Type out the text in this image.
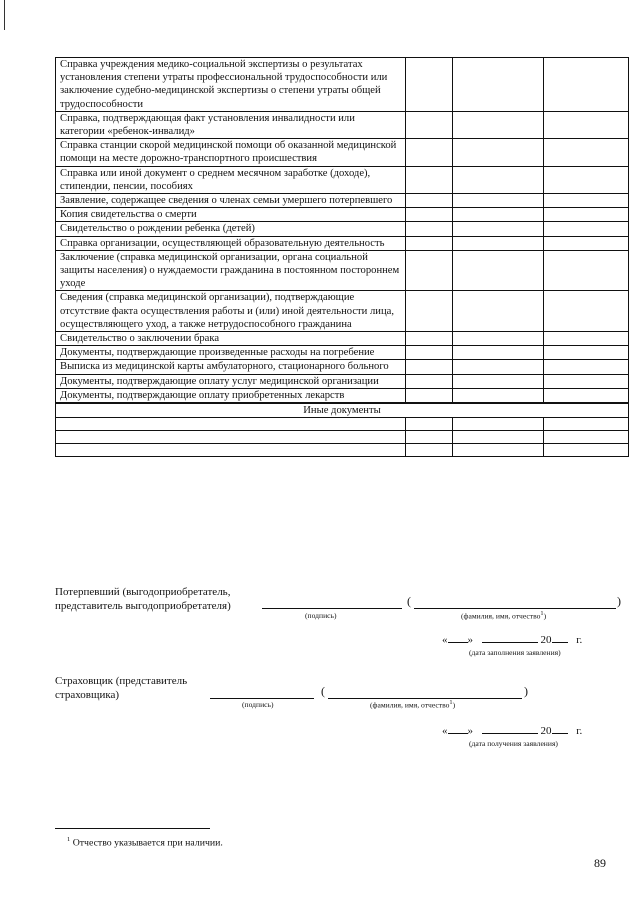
Справка учреждения медико-социальной экспертизы о результатах установления степени утраты профессиональной трудоспособности или заключение судебно-медицинской экспертизы о степени утраты общей трудоспособности			
Справка, подтверждающая факт установления инвалидности или категории «ребенок-инвалид»			
Справка станции скорой медицинской помощи об оказанной медицинской помощи на месте дорожно-транспортного происшествия			
Справка или иной документ о среднем месячном заработке (доходе), стипендии, пенсии, пособиях			
Заявление, содержащее сведения о членах семьи умершего потерпевшего			
Копия свидетельства о смерти			
Свидетельство о рождении ребенка (детей)			
Справка организации, осуществляющей образовательную деятельность			
Заключение (справка медицинской организации, органа социальной защиты населения) о нуждаемости гражданина в постоянном постороннем уходе			
Сведения (справка медицинской организации), подтверждающие отсутствие факта осуществления работы и (или) иной деятельности лица, осуществляющего уход, а также нетрудоспособного гражданина			
Свидетельство о заключении брака			
Документы, подтверждающие произведенные расходы на погребение			
Выписка из медицинской карты амбулаторного, стационарного больного			
Документы, подтверждающие оплату услуг медицинской организации			
Документы, подтверждающие оплату приобретенных лекарств			
Иные документы			

Потерпевший (выгодоприобретатель,
представитель выгодоприобретателя)	(	)
(подпись)	(фамилия, имя, отчество$^1$)
« »	20 г.
(дата заполнения заявления)
Страховщик (представитель
страховщика)	(	)
(подпись)	(фамилия, имя, отчество$^1$)
« »	20 г.
(дата получения заявления)
$^1$ Отчество указывается при наличии.
89
